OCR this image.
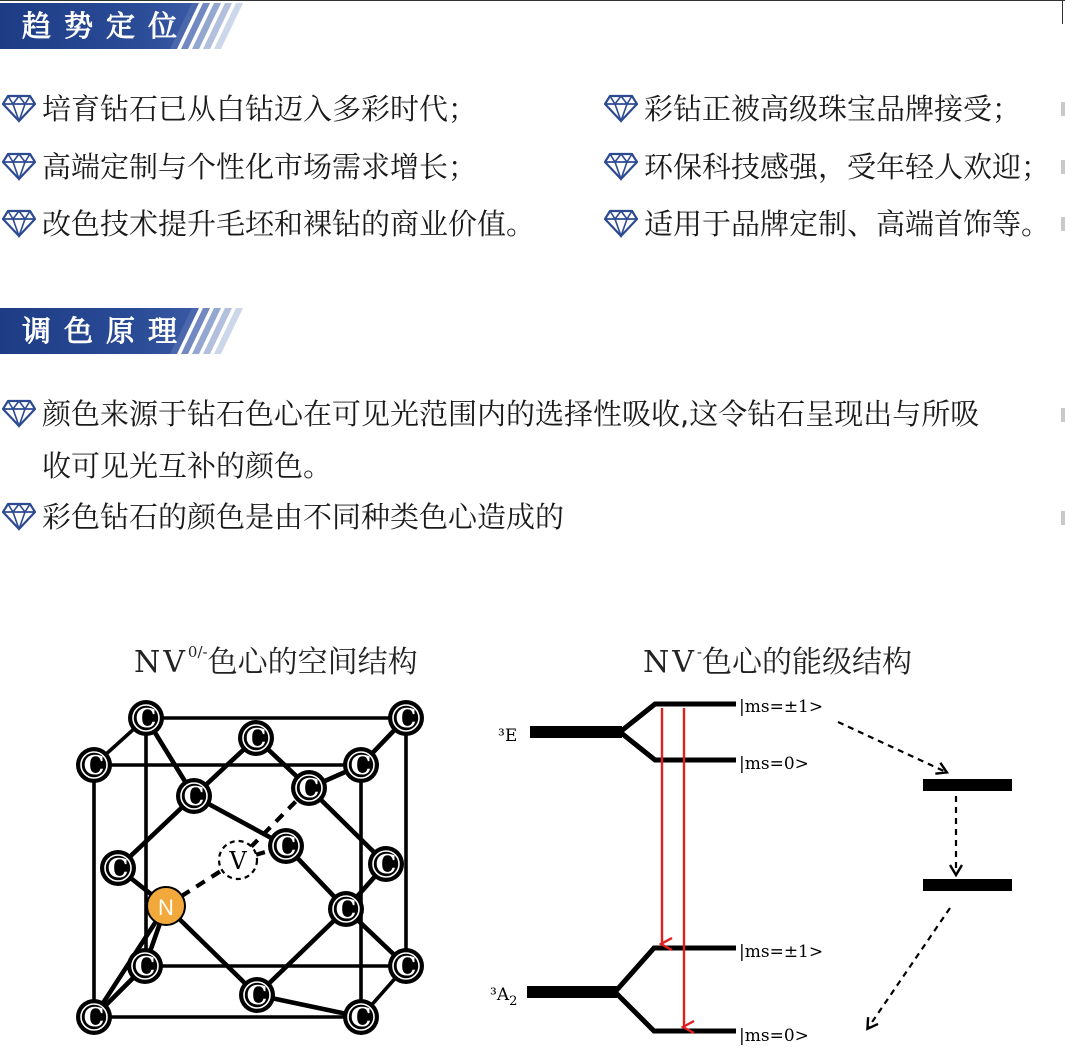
趋势定位
培育钻石已从白钻迈入多彩时代；
高端定制与个性化市场需求增长；
改色技术提升毛坯和裸钻的商业价值。
彩钻正被高级珠宝品牌接受；
环保科技感强，受年轻人欢迎；
适用于品牌定制、高端首饰等。
调色原理
颜色来源于钻石色心在可见光范围内的选择性吸收,这令钻石呈现出与所吸
收可见光互补的颜色。
彩色钻石的颜色是由不同种类色心造成的
$NV^{0/-}$色心的空间结构	NV-色心的能级结构
C	C
C	C
C
C	C
C
C	C
C
C	C
C
C	C
V
N
³E
$^3A_2$
|ms=±1>
|ms=0>
|ms=±1>
|ms=0>
